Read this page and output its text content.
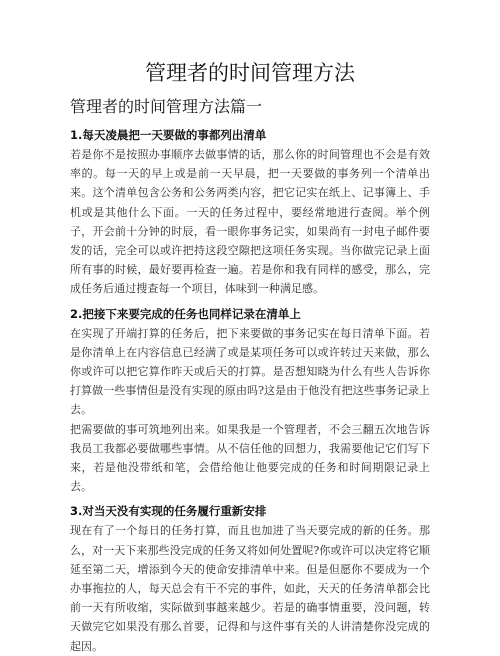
管理者的时间管理方法
管理者的时间管理方法篇一
1.每天凌晨把一天要做的事都列出清单

若是你不是按照办事顺序去做事情的话，那么你的时间管理也不会是有效率的。每一天的早上或是前一天早晨，把一天要做的事务列一个清单出来。这个清单包含公务和公务两类内容，把它记实在纸上、记事簿上、手机或是其他什么下面。一天的任务过程中，要经常地进行查阅。举个例子，开会前十分钟的时辰，看一眼你事务记实，如果尚有一封电子邮件要发的话，完全可以或许把持这段空隙把这项任务实现。当你做完记录上面所有事的时候，最好要再检查一遍。若是你和我有同样的感受，那么，完成任务后通过搜查每一个项目，体味到一种满足感。

2.把接下来要完成的任务也同样记录在清单上

在实现了开端打算的任务后，把下来要做的事务记实在每日清单下面。若是你清单上在内容信息已经满了或是某项任务可以或许转过天来做，那么你或许可以把它算作昨天或后天的打算。是否想知晓为什么有些人告诉你打算做一些事情但是没有实现的原由吗?这是由于他没有把这些事务记录上去。

把需要做的事可筑地列出来。如果我是一个管理者，不会三翻五次地告诉我员工我都必要做哪些事情。从不信任他的回想力，我需要他记它们写下来，若是他没带纸和笔，会借给他让他要完成的任务和时间期限记录上去。

3.对当天没有实现的任务履行重新安排

现在有了一个每日的任务打算，而且也加进了当天要完成的新的任务。那么，对一天下来那些没完成的任务又将如何处置呢?你或许可以决定将它顺延至第二天，增添到今天的使命安排清单中来。但是但愿你不要成为一个办事拖拉的人，每天总会有干不完的事件，如此，天天的任务清单都会比前一天有所收缩，实际做到事越来越少。若是的确事情重要，没问题，转天做完它如果没有那么首要，记得和与这件事有关的人讲清楚你没完成的起因。
